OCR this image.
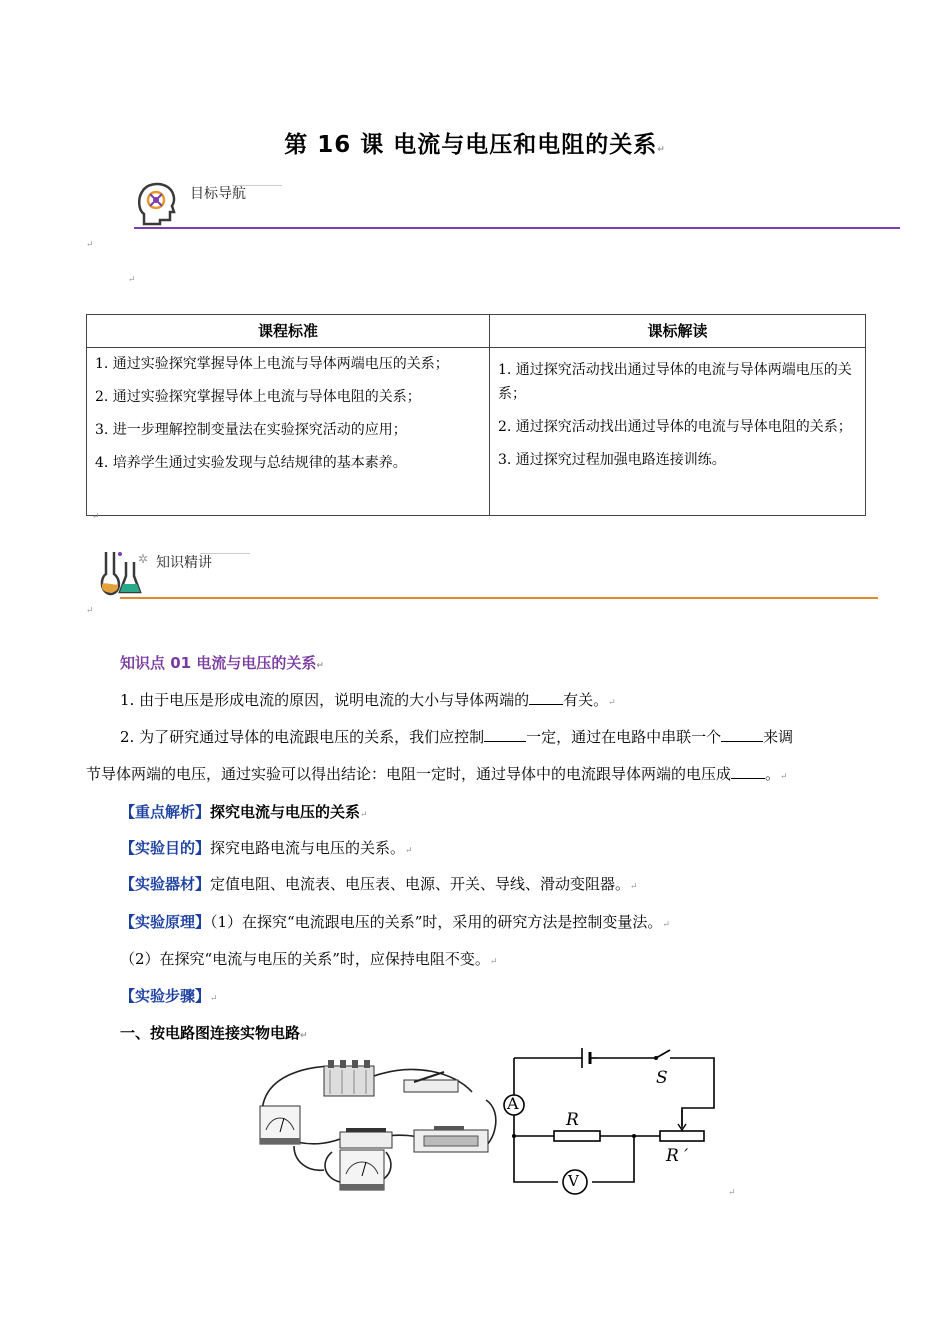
第 16 课 电流与电压和电阻的关系↵
目标导航
↵
↵
课程标准

1. 通过实验探究掌握导体上电流与导体两端电压的关系；

2. 通过实验探究掌握导体上电流与导体电阻的关系；

3. 进一步理解控制变量法在实验探究活动的应用；

4. 培养学生通过实验发现与总结规律的基本素养。

课标解读

1. 通过探究活动找出通过导体的电流与导体两端电压的关系；

2. 通过探究活动找出通过导体的电流与导体电阻的关系；

3. 通过探究过程加强电路连接训练。

↵
✲ 知识精讲
↵
知识点 01 电流与电压的关系↵
1. 由于电压是形成电流的原因，说明电流的大小与导体两端的 有关。↵
2. 为了研究通过导体的电流跟电压的关系，我们应控制	一定，通过在电路中串联一个	来调
节导体两端的电压，通过实验可以得出结论：电阻一定时，通过导体中的电流跟导体两端的电压成 。↵
【重点解析】探究电流与电压的关系↵
【实验目的】探究电路电流与电压的关系。↵
【实验器材】定值电阻、电流表、电压表、电源、开关、导线、滑动变阻器。↵
【实验原理】（1）在探究“电流跟电压的关系”时，采用的研究方法是控制变量法。↵
（2）在探究“电流与电压的关系”时，应保持电阻不变。↵
【实验步骤】↵
一、按电路图连接实物电路↵
A
V
S
R
R ′
↵
